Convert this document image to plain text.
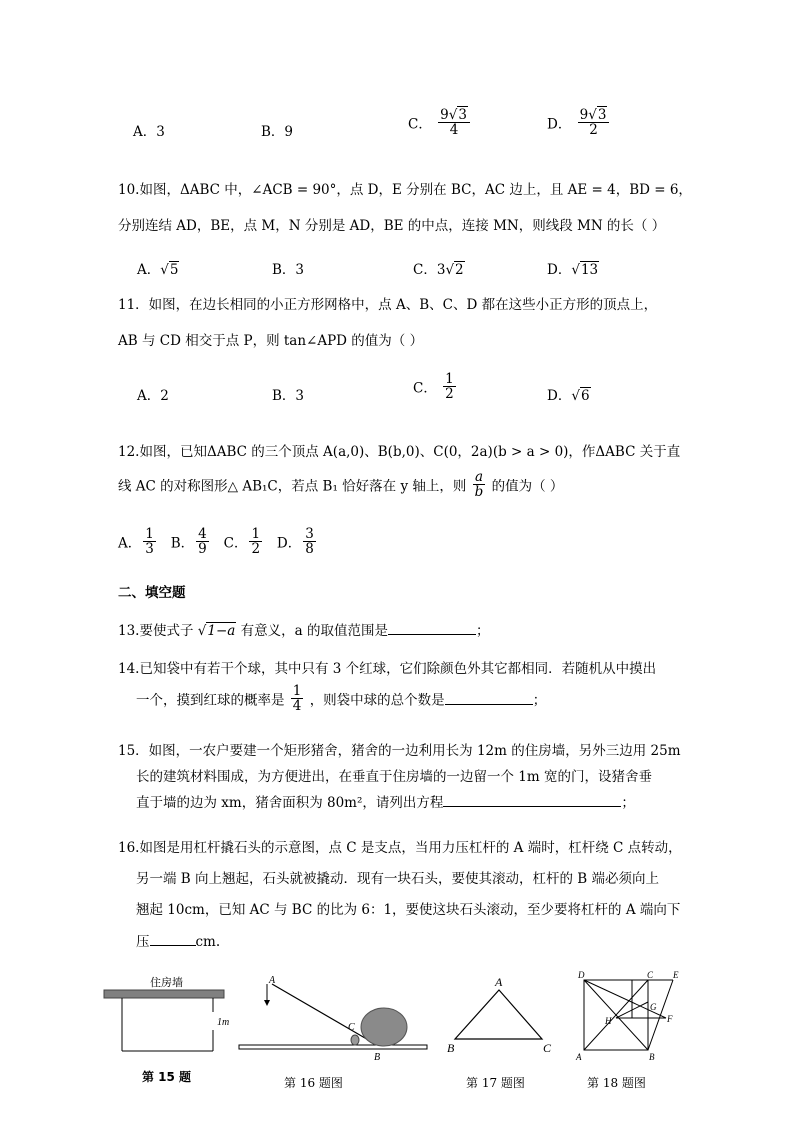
A．3	B．9	C． $\frac{9√3}{4}$	D． $\frac{9√3}{2}$
10.如图，ΔABC 中，∠ACB = 90°，点 D，E 分别在 BC，AC 边上，且 AE = 4，BD = 6，
分别连结 AD，BE，点 M，N 分别是 AD，BE 的中点，连接 MN，则线段 MN 的长（ ）
A．√5	B．3	C．3√2	D．√13
11．如图，在边长相同的小正方形网格中，点 A、B、C、D 都在这些小正方形的顶点上，
AB 与 CD 相交于点 P，则 tan∠APD 的值为（ ）
A．2	B．3	C． $\frac{1}{2}$	D．√6
12.如图，已知ΔABC 的三个顶点 A(a,0)、B(b,0)、C(0，2a)(b > a > 0)，作ΔABC 关于直
线 AC 的对称图形△ AB₁C，若点 B₁ 恰好落在 y 轴上，则 $\frac{a}{b}$ 的值为（ ）
A． $\frac{1}{3}$ B． $\frac{4}{9}$ C． $\frac{1}{2}$ D． $\frac{3}{8}$
二、填空题
13.要使式子 √1−a 有意义，a 的取值范围是	；
14.已知袋中有若干个球，其中只有 3 个红球，它们除颜色外其它都相同．若随机从中摸出
一个，摸到红球的概率是 $\frac{1}{4}$ ，则袋中球的总个数是	；
15．如图，一农户要建一个矩形猪舍，猪舍的一边利用长为 12m 的住房墙，另外三边用 25m
长的建筑材料围成，为方便进出，在垂直于住房墙的一边留一个 1m 宽的门，设猪舍垂
直于墙的边为 xm，猪舍面积为 80m²，请列出方程	；
16.如图是用杠杆撬石头的示意图，点 C 是支点，当用力压杠杆的 A 端时，杠杆绕 C 点转动，
另一端 B 向上翘起，石头就被撬动．现有一块石头，要使其滚动，杠杆的 B 端必须向上
翘起 10cm，已知 AC 与 BC 的比为 6：1，要使这块石头滚动，至少要将杠杆的 A 端向下
压	cm.
住房墙
1m
第 15 题
A
C
B
第 16 题图
A
B	C
第 17 题图
D	C E
G
H	F
A	B
第 18 题图
